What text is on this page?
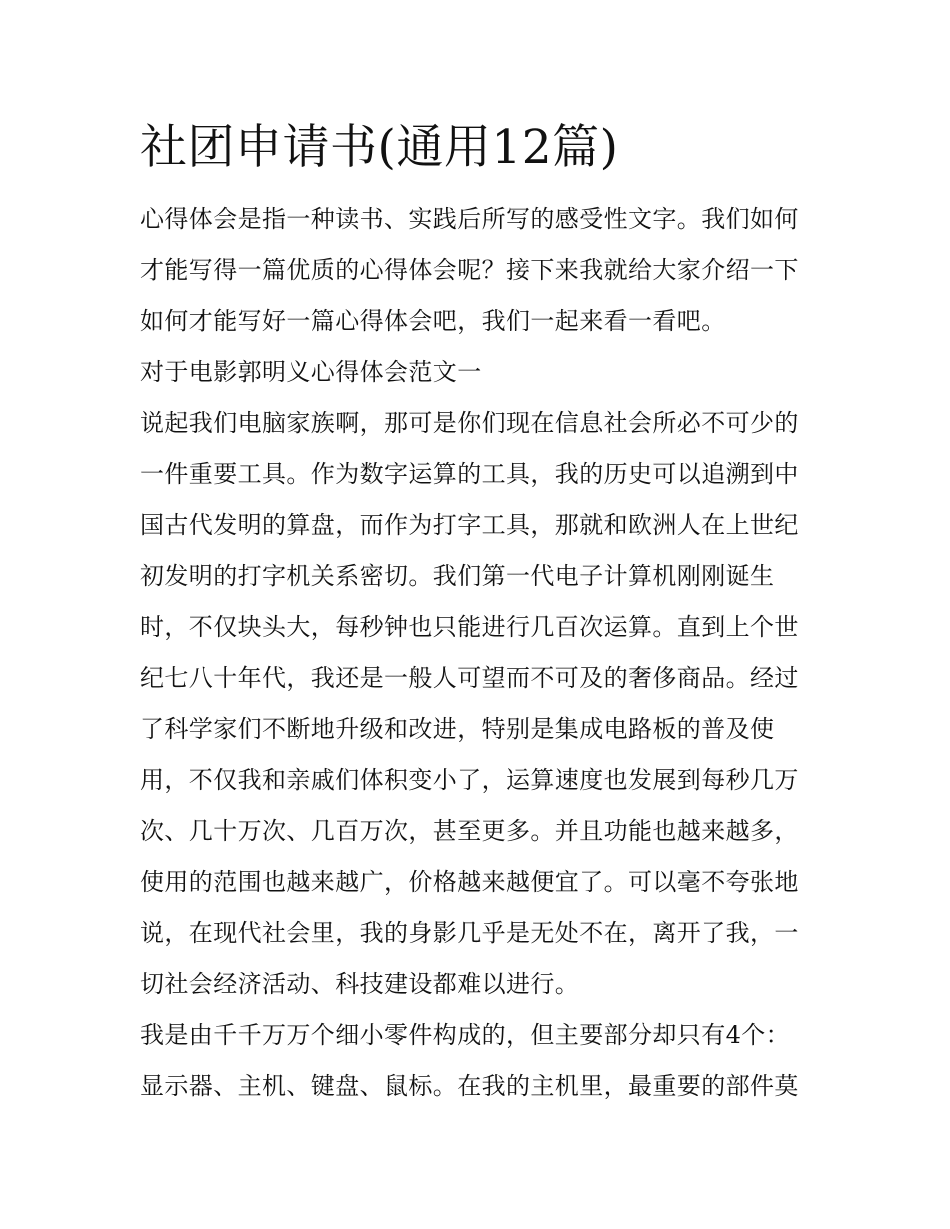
社团申请书(通用12篇)

心得体会是指一种读书、实践后所写的感受性文字。我们如何
才能写得一篇优质的心得体会呢？接下来我就给大家介绍一下
如何才能写好一篇心得体会吧，我们一起来看一看吧。

对于电影郭明义心得体会范文一

说起我们电脑家族啊，那可是你们现在信息社会所必不可少的
一件重要工具。作为数字运算的工具，我的历史可以追溯到中
国古代发明的算盘，而作为打字工具，那就和欧洲人在上世纪
初发明的打字机关系密切。我们第一代电子计算机刚刚诞生
时，不仅块头大，每秒钟也只能进行几百次运算。直到上个世
纪七八十年代，我还是一般人可望而不可及的奢侈商品。经过
了科学家们不断地升级和改进，特别是集成电路板的普及使
用，不仅我和亲戚们体积变小了，运算速度也发展到每秒几万
次、几十万次、几百万次，甚至更多。并且功能也越来越多，
使用的范围也越来越广，价格越来越便宜了。可以毫不夸张地
说，在现代社会里，我的身影几乎是无处不在，离开了我，一
切社会经济活动、科技建设都难以进行。

我是由千千万万个细小零件构成的，但主要部分却只有4个：
显示器、主机、键盘、鼠标。在我的主机里，最重要的部件莫
